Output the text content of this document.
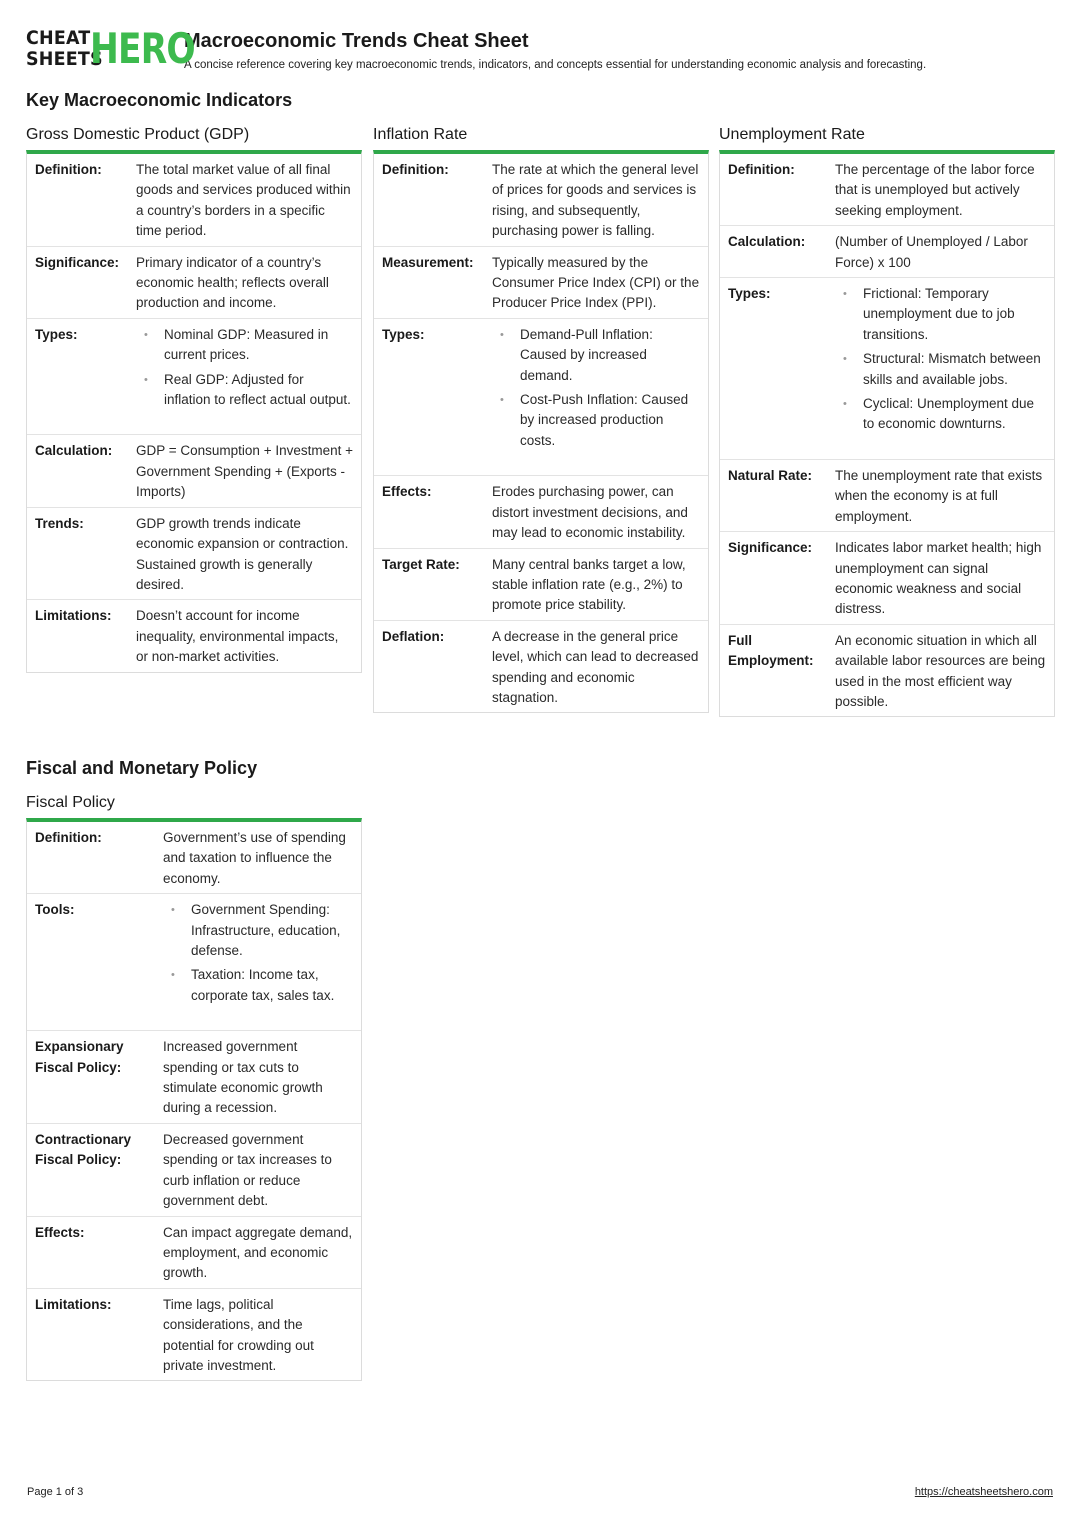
CHEAT
SHEETS
HERO
Macroeconomic Trends Cheat Sheet
A concise reference covering key macroeconomic trends, indicators, and concepts essential for understanding economic analysis and forecasting.
Key Macroeconomic Indicators
Gross Domestic Product (GDP)
Definition:	The total market value of all final goods and services produced within a country’s borders in a specific time period.
Significance:	Primary indicator of a country’s economic health; reflects overall production and income.
Types:	• Nominal GDP: Measured in current prices.
• Real GDP: Adjusted for inflation to reflect actual output.
Calculation:	GDP = Consumption + Investment + Government Spending + (Exports - Imports)
Trends:	GDP growth trends indicate economic expansion or contraction. Sustained growth is generally desired.
Limitations:	Doesn’t account for income inequality, environmental impacts, or non-market activities.
Inflation Rate
Definition:	The rate at which the general level of prices for goods and services is rising, and subsequently, purchasing power is falling.
Measurement:	Typically measured by the Consumer Price Index (CPI) or the Producer Price Index (PPI).
Types:	• Demand-Pull Inflation: Caused by increased demand.
• Cost-Push Inflation: Caused by increased production costs.
Effects:	Erodes purchasing power, can distort investment decisions, and may lead to economic instability.
Target Rate:	Many central banks target a low, stable inflation rate (e.g., 2%) to promote price stability.
Deflation:	A decrease in the general price level, which can lead to decreased spending and economic stagnation.
Unemployment Rate
Definition:	The percentage of the labor force that is unemployed but actively seeking employment.
Calculation:	(Number of Unemployed / Labor Force) x 100
Types:	• Frictional: Temporary unemployment due to job transitions.
• Structural: Mismatch between skills and available jobs.
• Cyclical: Unemployment due to economic downturns.
Natural Rate:	The unemployment rate that exists when the economy is at full employment.
Significance:	Indicates labor market health; high unemployment can signal economic weakness and social distress.
Full Employment:
An economic situation in which all available labor resources are being used in the most efficient way possible.
Fiscal and Monetary Policy
Fiscal Policy
Definition:	Government’s use of spending and taxation to influence the economy.
Tools:	• Government Spending: Infrastructure, education, defense.
• Taxation: Income tax, corporate tax, sales tax.
Expansionary Fiscal Policy:
Increased government spending or tax cuts to stimulate economic growth during a recession.
Contractionary Fiscal Policy:
Decreased government spending or tax increases to curb inflation or reduce government debt.
Effects:	Can impact aggregate demand, employment, and economic growth.
Limitations:	Time lags, political considerations, and the potential for crowding out private investment.
Page 1 of 3	https://cheatsheetshero.com
